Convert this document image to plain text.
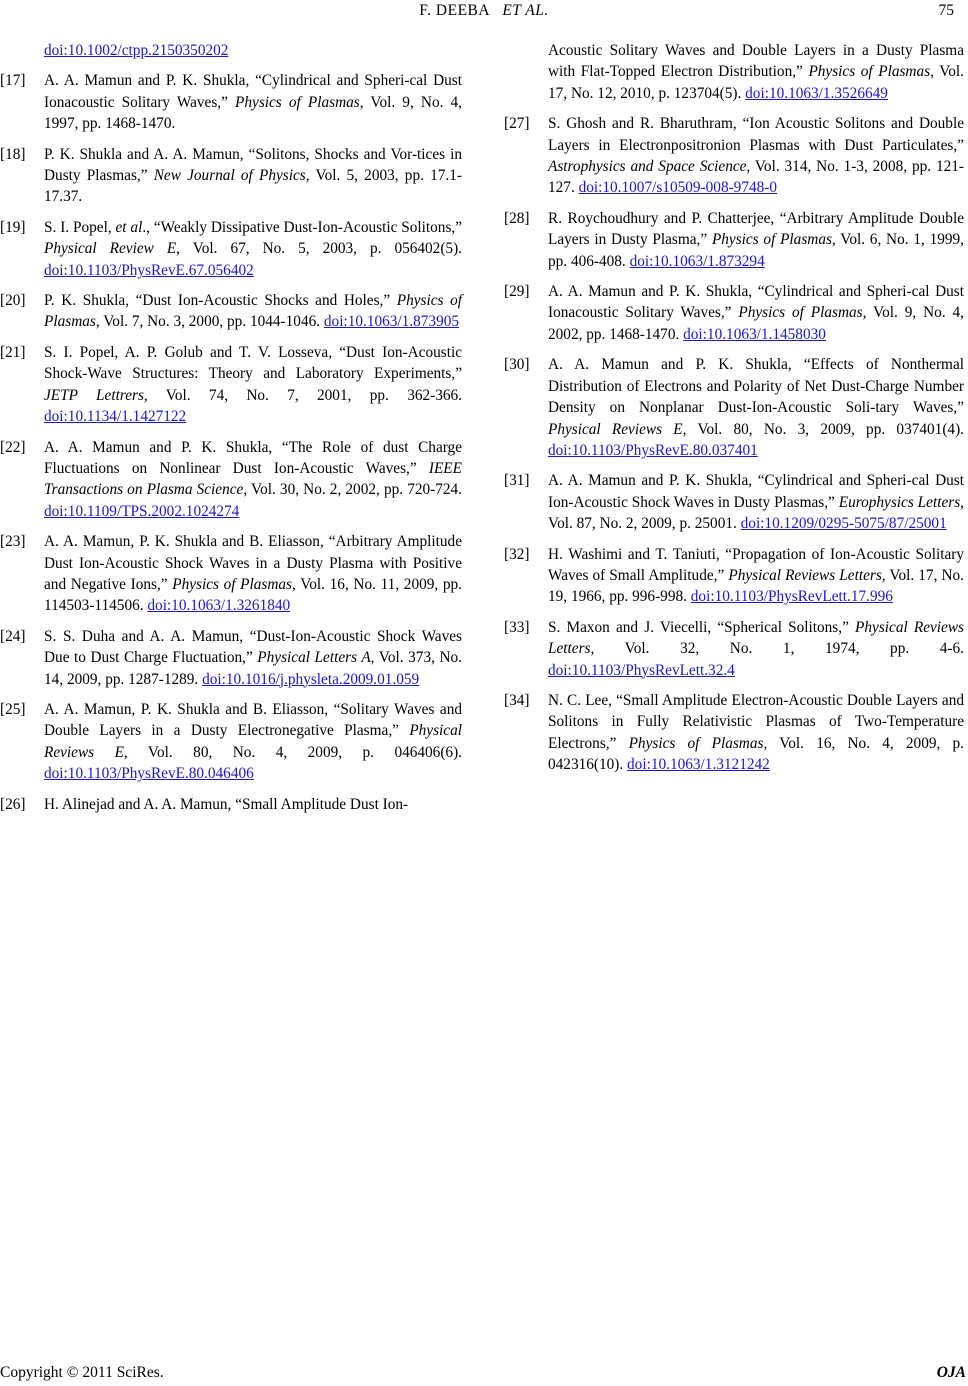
F. DEEBA ET AL.	75
doi:10.1002/ctpp.2150350202
[17] A. A. Mamun and P. K. Shukla, “Cylindrical and Spheri-cal Dust Ionacoustic Solitary Waves,” Physics of Plasmas, Vol. 9, No. 4, 1997, pp. 1468-1470.
[18] P. K. Shukla and A. A. Mamun, “Solitons, Shocks and Vor-tices in Dusty Plasmas,” New Journal of Physics, Vol. 5, 2003, pp. 17.1-17.37.
[19] S. I. Popel, et al., “Weakly Dissipative Dust-Ion-Acoustic Solitons,” Physical Review E, Vol. 67, No. 5, 2003, p. 056402(5). doi:10.1103/PhysRevE.67.056402
[20] P. K. Shukla, “Dust Ion-Acoustic Shocks and Holes,” Physics of Plasmas, Vol. 7, No. 3, 2000, pp. 1044-1046. doi:10.1063/1.873905
[21] S. I. Popel, A. P. Golub and T. V. Losseva, “Dust Ion-Acoustic Shock-Wave Structures: Theory and Laboratory Experiments,” JETP Lettrers, Vol. 74, No. 7, 2001, pp. 362-366. doi:10.1134/1.1427122
[22] A. A. Mamun and P. K. Shukla, “The Role of dust Charge Fluctuations on Nonlinear Dust Ion-Acoustic Waves,” IEEE Transactions on Plasma Science, Vol. 30, No. 2, 2002, pp. 720-724. doi:10.1109/TPS.2002.1024274
[23] A. A. Mamun, P. K. Shukla and B. Eliasson, “Arbitrary Amplitude Dust Ion-Acoustic Shock Waves in a Dusty Plasma with Positive and Negative Ions,” Physics of Plasmas, Vol. 16, No. 11, 2009, pp. 114503-114506. doi:10.1063/1.3261840
[24] S. S. Duha and A. A. Mamun, “Dust-Ion-Acoustic Shock Waves Due to Dust Charge Fluctuation,” Physical Letters A, Vol. 373, No. 14, 2009, pp. 1287-1289. doi:10.1016/j.physleta.2009.01.059
[25] A. A. Mamun, P. K. Shukla and B. Eliasson, “Solitary Waves and Double Layers in a Dusty Electronegative Plasma,” Physical Reviews E, Vol. 80, No. 4, 2009, p. 046406(6). doi:10.1103/PhysRevE.80.046406
[26] H. Alinejad and A. A. Mamun, “Small Amplitude Dust Ion-
Acoustic Solitary Waves and Double Layers in a Dusty Plasma with Flat-Topped Electron Distribution,” Physics of Plasmas, Vol. 17, No. 12, 2010, p. 123704(5). doi:10.1063/1.3526649
[27] S. Ghosh and R. Bharuthram, “Ion Acoustic Solitons and Double Layers in Electronpositronion Plasmas with Dust Particulates,” Astrophysics and Space Science, Vol. 314, No. 1-3, 2008, pp. 121-127. doi:10.1007/s10509-008-9748-0
[28] R. Roychoudhury and P. Chatterjee, “Arbitrary Amplitude Double Layers in Dusty Plasma,” Physics of Plasmas, Vol. 6, No. 1, 1999, pp. 406-408. doi:10.1063/1.873294
[29] A. A. Mamun and P. K. Shukla, “Cylindrical and Spheri-cal Dust Ionacoustic Solitary Waves,” Physics of Plasmas, Vol. 9, No. 4, 2002, pp. 1468-1470. doi:10.1063/1.1458030
[30] A. A. Mamun and P. K. Shukla, “Effects of Nonthermal Distribution of Electrons and Polarity of Net Dust-Charge Number Density on Nonplanar Dust-Ion-Acoustic Soli-tary Waves,” Physical Reviews E, Vol. 80, No. 3, 2009, pp. 037401(4). doi:10.1103/PhysRevE.80.037401
[31] A. A. Mamun and P. K. Shukla, “Cylindrical and Spheri-cal Dust Ion-Acoustic Shock Waves in Dusty Plasmas,” Europhysics Letters, Vol. 87, No. 2, 2009, p. 25001. doi:10.1209/0295-5075/87/25001
[32] H. Washimi and T. Taniuti, “Propagation of Ion-Acoustic Solitary Waves of Small Amplitude,” Physical Reviews Letters, Vol. 17, No. 19, 1966, pp. 996-998. doi:10.1103/PhysRevLett.17.996
[33] S. Maxon and J. Viecelli, “Spherical Solitons,” Physical Reviews Letters, Vol. 32, No. 1, 1974, pp. 4-6. doi:10.1103/PhysRevLett.32.4
[34] N. C. Lee, “Small Amplitude Electron-Acoustic Double Layers and Solitons in Fully Relativistic Plasmas of Two-Temperature Electrons,” Physics of Plasmas, Vol. 16, No. 4, 2009, p. 042316(10). doi:10.1063/1.3121242
Copyright © 2011 SciRes.	OJA
